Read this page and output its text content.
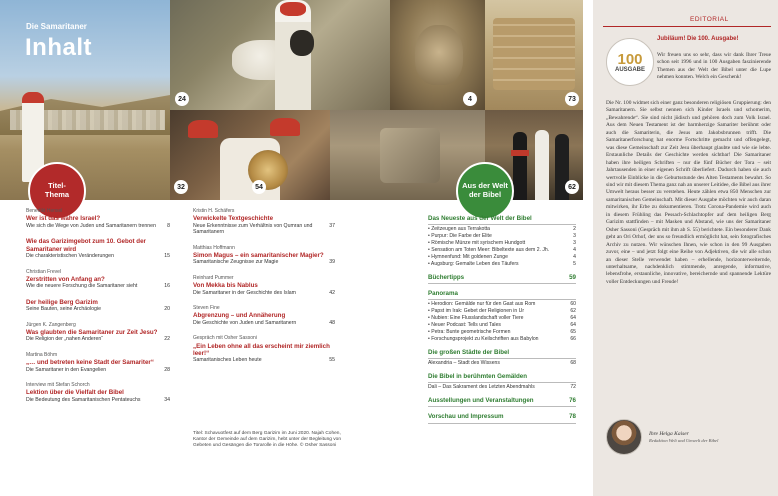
24	4	73
32	54	62
Die Samaritaner
Inhalt
Titel-
Thema
Aus der Welt der Bibel
Benedikt Hensel
Wer ist das wahre Israel?
Wie sich die Wege von Juden und Samaritanern trennen 8
Wie das Garizimgebot zum 10. Gebot der Samaritaner wird
Die charakteristischen Veränderungen	15
Christian Frevel
Zerstritten von Anfang an?
Wie die neuere Forschung die Samaritaner sieht	16
Der heilige Berg Garizim
Seine Bauten, seine Archäologie	20
Jürgen K. Zangenberg
Was glaubten die Samaritaner zur Zeit Jesu?
Die Religion der „nahen Anderen“	22
Martina Böhm
„… und betreten keine Stadt der Samariter“
Die Samaritaner in den Evangelien	28
Interview mit Stefan Schorch
Lektion über die Vielfalt der Bibel
Die Bedeutung des Samaritanischen Pentateuchs	34
Kristin H. Schäfers
Verwickelte Textgeschichte
Neue Erkenntnisse zum Verhältnis von Qumran und Samaritanern
37
Matthias Hoffmann
Simon Magus – ein samaritanischer Magier?
Samaritanische Zeugnisse zur Magie	39
Reinhard Pummer
Von Mekka bis Nablus
Die Samaritaner in der Geschichte des Islam	42
Steven Fine
Abgrenzung – und Annäherung
Die Geschichte von Juden und Samaritanern	48
Gespräch mit Osher Sassoni
„Ein Leben ohne all das erscheint mir ziemlich leer!“
Samaritanisches Leben heute	55
Titel: Schavuotfest auf dem Berg Garizim im Juni 2020. Najah Cohen, Kantor der Gemeinde auf dem Garizim, hebt unter der Begleitung von Gebeten und Gesängen die Torarolle in die Höhe. © Osher Sassoni
Das Neueste aus der Welt der Bibel
• Zeitzeugen aus Terrakotta	2
• Purpur: Die Farbe der Elite	3
• Römische Münze mit syrischem Hundgott	3
• Sensation am Toten Meer: Bibeltexte aus dem 2. Jh.	4
• Hymnenfund: Mit goldenen Zunge	4
• Augsburg: Gemalte Leben des Täufers	5
Büchertipps	59
Panorama
• Herodion: Gemälde nur für den Gast aus Rom	60
• Papst im Irak: Gebet der Religionen in Ur	62
• Nubien: Eine Flusslandschaft voller Tiere	64
• Neuer Podcast: Tells und Tales	64
• Petra: Bunte geometrische Formen	65
• Forschungsprojekt zu Keilschriften aus Babylon	66
Die großen Städte der Bibel
Alexandria – Stadt des Wissens	68
Die Bibel in berühmten Gemälden
Dali – Das Sakrament des Letzten Abendmahls	72
Ausstellungen und Veranstaltungen	76
Vorschau und Impressum	78
EDITORIAL
100
AUSGABE
Jubiläum! Die 100. Ausgabe!
Wir freuen uns so sehr, dass wir dank Ihrer Treue schon seit 1996 und in 100 Ausgaben faszinierende Themen aus der Welt der Bibel unter die Lupe nehmen konnten. Welch ein Geschenk!
Die Nr. 100 widmet sich einer ganz besonderen religiösen Gruppierung: den Samaritanern. Sie selbst nennen sich Kinder Israels und schomerim, „Bewahrende“. Sie sind nicht jüdisch und gehören doch zum Volk Israel. Aus dem Neuen Testament ist der barmherzige Samariter berühmt oder auch die Samariterin, die Jesus am Jakobsbrunnen trifft. Die Samaritanerforschung hat enorme Fortschritte gemacht und offengelegt, was diese Gemeinschaft zur Zeit Jesu überhaupt glaubte und wie sie lebte. Erstaunliche Details der Geschichte werden sichtbar! Die Samaritaner haben ihre heiligen Schriften – nur die fünf Bücher der Tora – seit Jahrtausenden in einer eigenen Schrift überliefert. Dadurch haben sie auch wertvolle Einblicke in die Geburtsstunde des Alten Testaments bewahrt. So sind wir mit diesem Thema ganz nah an unserer Leitidee, die Bibel aus ihrer Umwelt heraus besser zu verstehen. Heute zählen etwa 850 Menschen zur samaritanischen Gemeinschaft. Mit dieser Ausgabe möchten wir auch daran mitwirken, ihr Erbe zu dokumentieren. Trotz Corona-Pandemie wird auch in diesem Frühling das Pessach-Schlachtopfer auf dem heiligen Berg Garizim stattfinden – mit Masken und Abstand, wie uns der Samaritaner Osher Sassoni (Gespräch mit ihm ab S. 55) berichtete. Ein besonderer Dank geht an Ori Orhof, der uns so freundlich ermöglicht hat, sein fotografisches Archiv zu nutzen. Wir wünschen Ihnen, wie schon in den 99 Ausgaben zuvor, eine – und jetzt folgt eine Reihe von Adjektiven, die wir alle schon an dieser Stelle verwendet haben – erhellende, horizonterweiternde, unterhaltsame, nachdenklich stimmende, anregende, informative, lebensfrohe, erstaunliche, innovative, bereichernde und spannende Lektüre voller Entdeckungen und Freude!
Ihre Helga Kaiser
Redaktion Welt und Umwelt der Bibel
